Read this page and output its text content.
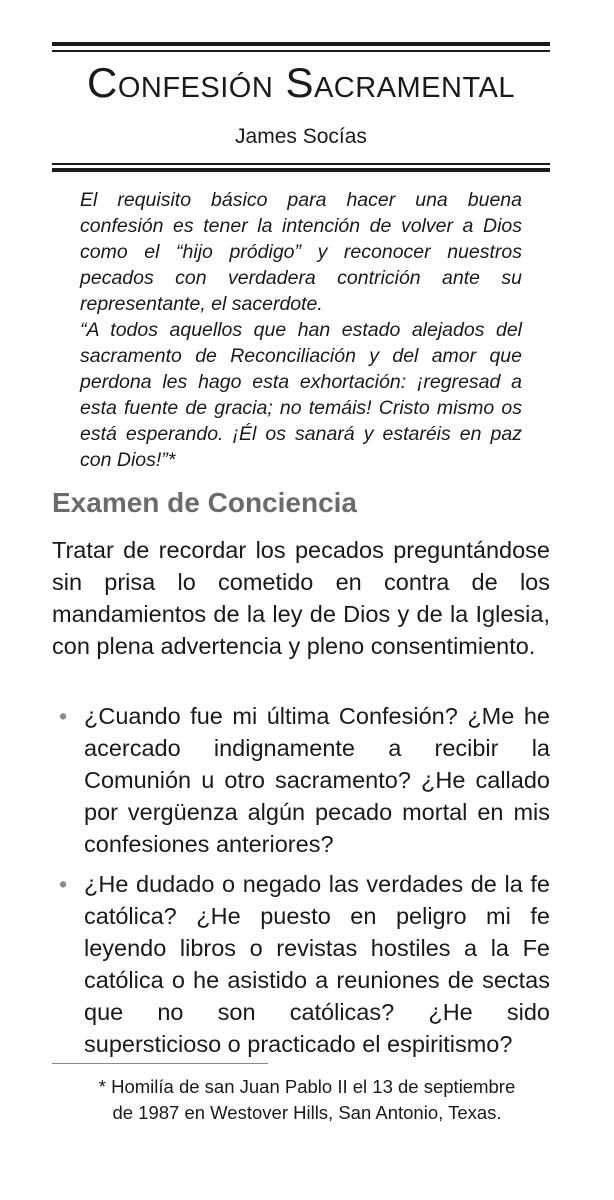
Confesión Sacramental
James Socías

El requisito básico para hacer una buena confesión es tener la intención de volver a Dios como el “hijo pródigo” y reconocer nuestros pecados con verdadera contrición ante su representante, el sacerdote.

“A todos aquellos que han estado alejados del sacramento de Reconciliación y del amor que perdona les hago esta exhortación: ¡regresad a esta fuente de gracia; no temáis! Cristo mismo os está esperando. ¡Él os sanará y estaréis en paz con Dios!”*

Examen de Conciencia

Tratar de recordar los pecados preguntándose sin prisa lo cometido en contra de los mandamientos de la ley de Dios y de la Iglesia, con plena advertencia y pleno consentimiento.

• ¿Cuando fue mi última Confesión? ¿Me he acercado indignamente a recibir la Comunión u otro sacramento? ¿He callado por vergüenza algún pecado mortal en mis confesiones anteriores?
• ¿He dudado o negado las verdades de la fe católica? ¿He puesto en peligro mi fe leyendo libros o revistas hostiles a la Fe católica o he asistido a reuniones de sectas que no son católicas? ¿He sido supersticioso o practicado el espiritismo?
* Homilía de san Juan Pablo II el 13 de septiembre
de 1987 en Westover Hills, San Antonio, Texas.
